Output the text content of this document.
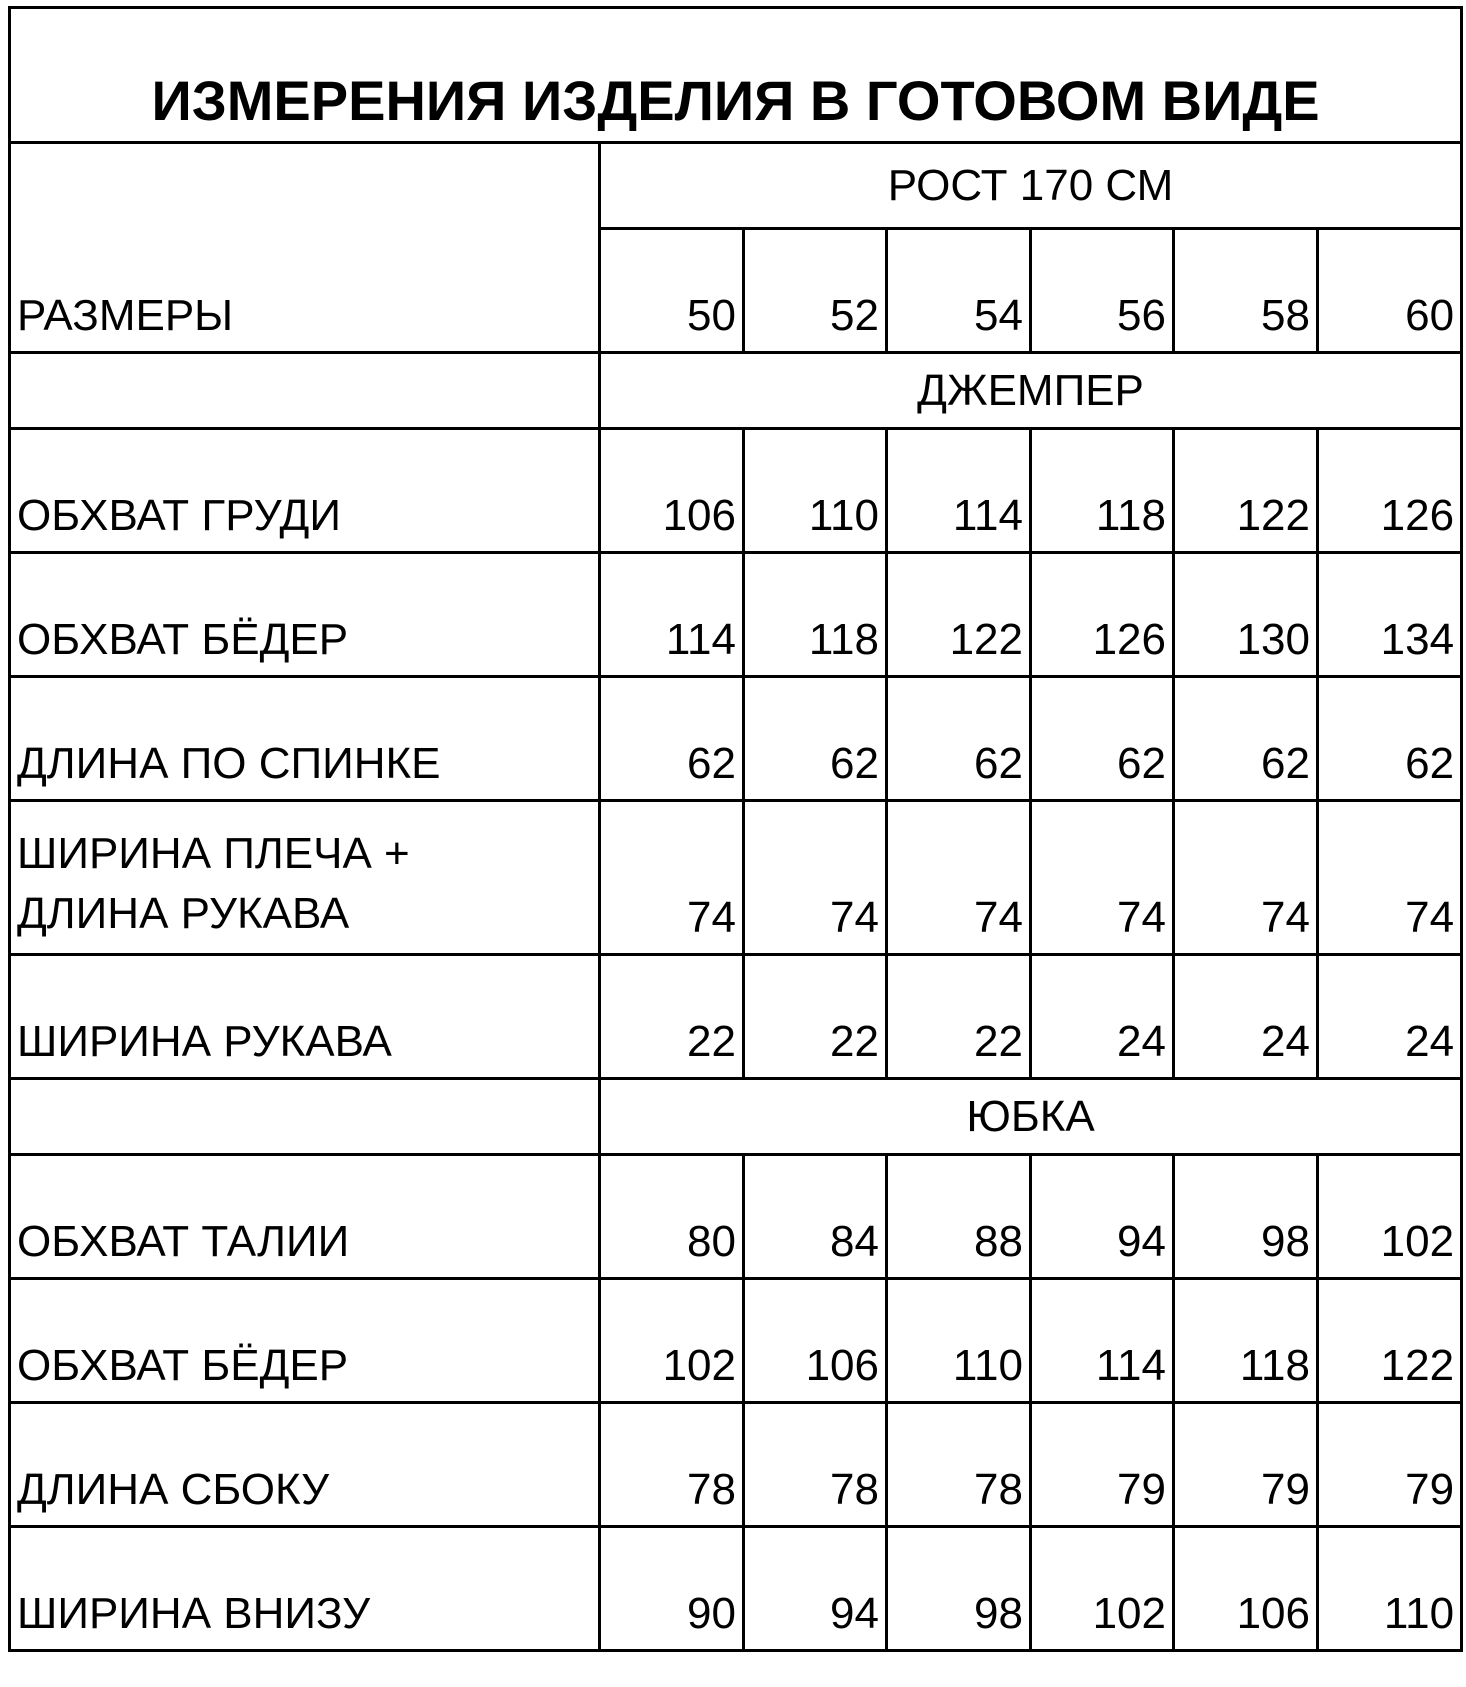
ИЗМЕРЕНИЯ ИЗДЕЛИЯ В ГОТОВОМ ВИДЕ						
РАЗМЕРЫ	РОСТ 170 СМ					
	50	52	54	56	58	60
	ДЖЕМПЕР					
ОБХВАТ ГРУДИ	106	110	114	118	122	126
ОБХВАТ БЁДЕР	114	118	122	126	130	134
ДЛИНА ПО СПИНКЕ	62	62	62	62	62	62

ШИРИНА ПЛЕЧА +
ДЛИНА РУКАВА	74	74	74	74	74	74
ШИРИНА РУКАВА	22	22	22	24	24	24
	ЮБКА					
ОБХВАТ ТАЛИИ	80	84	88	94	98	102
ОБХВАТ БЁДЕР	102	106	110	114	118	122
ДЛИНА СБОКУ	78	78	78	79	79	79
ШИРИНА ВНИЗУ	90	94	98	102	106	110
